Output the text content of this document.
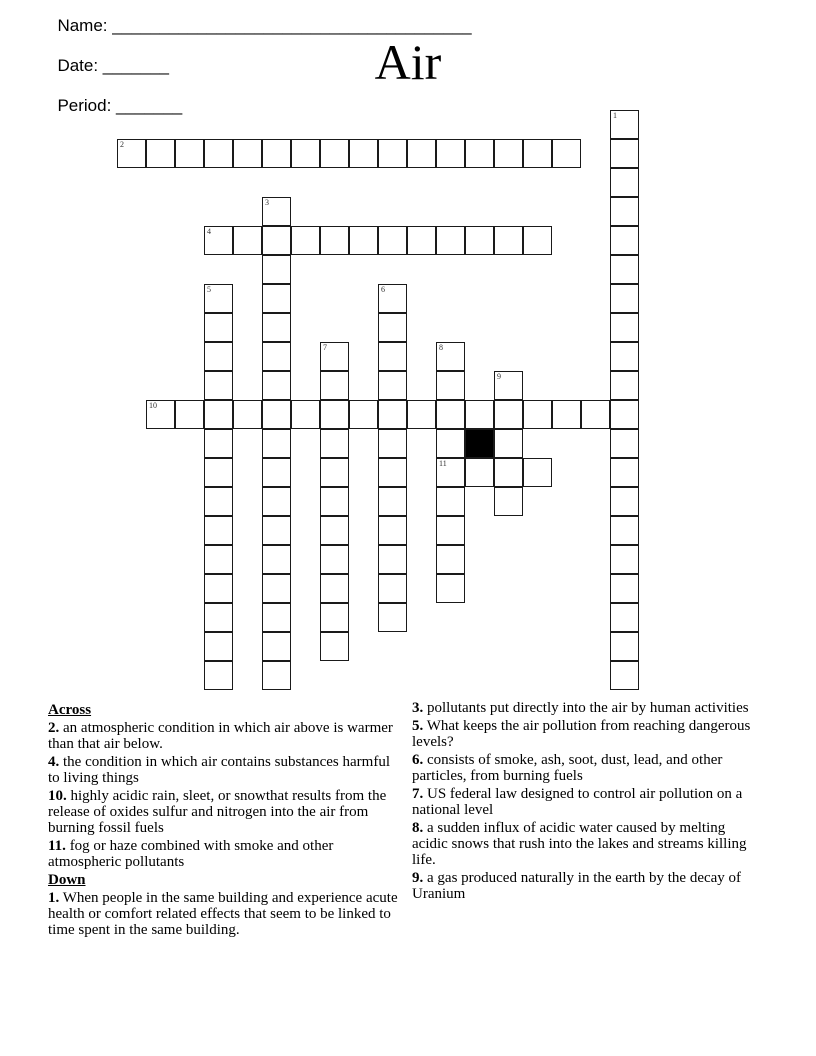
Name: ______________________________________

Date: _______

Period: _______

Air
1
2
3
4
5	6
7	8
11
9
10
Across
2. an atmospheric condition in which air above is warmer than that air below.
4. the condition in which air contains substances harmful to living things
10. highly acidic rain, sleet, or snowthat results from the release of oxides sulfur and nitrogen into the air from burning fossil fuels
11. fog or haze combined with smoke and other atmospheric pollutants
Down
1. When people in the same building and experience acute health or comfort related effects that seem to be linked to time spent in the same building.
3. pollutants put directly into the air by human activities
5. What keeps the air pollution from reaching dangerous levels?
6. consists of smoke, ash, soot, dust, lead, and other particles, from burning fuels
7. US federal law designed to control air pollution on a national level
8. a sudden influx of acidic water caused by melting acidic snows that rush into the lakes and streams killing life.
9. a gas produced naturally in the earth by the decay of Uranium
